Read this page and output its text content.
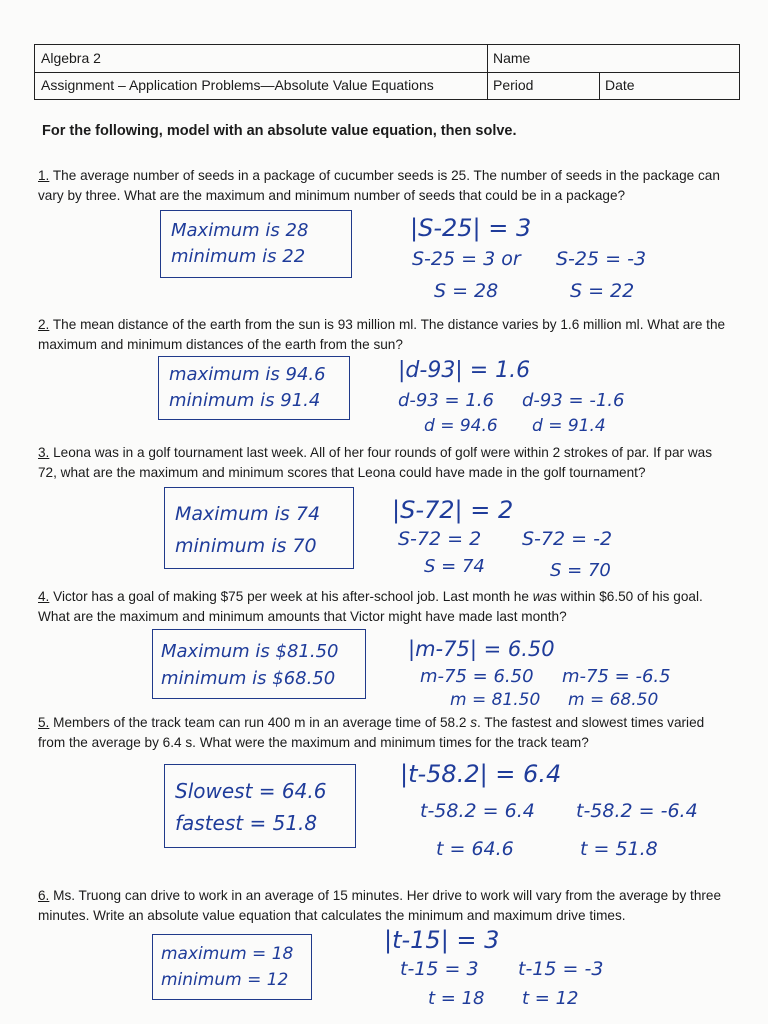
Algebra 2	Name
Assignment – Application Problems—Absolute Value Equations	Period	Date
For the following, model with an absolute value equation, then solve.
1. The average number of seeds in a package of cucumber seeds is 25. The number of seeds in the package can vary by three. What are the maximum and minimum number of seeds that could be in a package?
Maximum is 28
minimum is 22
|S-25| = 3
S-25 = 3 or S-25 = -3
S = 28	S = 22
2. The mean distance of the earth from the sun is 93 million ml. The distance varies by 1.6 million ml. What are the maximum and minimum distances of the earth from the sun?
maximum is 94.6
minimum is 91.4
|d-93| = 1.6
d-93 = 1.6 d-93 = -1.6
d = 94.6 d = 91.4
3. Leona was in a golf tournament last week. All of her four rounds of golf were within 2 strokes of par. If par was 72, what are the maximum and minimum scores that Leona could have made in the golf tournament?
Maximum is 74
minimum is 70
|S-72| = 2
S-72 = 2 S-72 = -2
S = 74	S = 70
4. Victor has a goal of making $75 per week at his after-school job. Last month he was within $6.50 of his goal. What are the maximum and minimum amounts that Victor might have made last month?
Maximum is $81.50
minimum is $68.50
|m-75| = 6.50
m-75 = 6.50 m-75 = -6.5
m = 81.50 m = 68.50
5. Members of the track team can run 400 m in an average time of 58.2 s. The fastest and slowest times varied from the average by 6.4 s. What were the maximum and minimum times for the track team?
Slowest = 64.6
fastest = 51.8
|t-58.2| = 6.4
t-58.2 = 6.4 t-58.2 = -6.4
t = 64.6	t = 51.8
6. Ms. Truong can drive to work in an average of 15 minutes. Her drive to work will vary from the average by three minutes. Write an absolute value equation that calculates the minimum and maximum drive times.
maximum = 18
minimum = 12
|t-15| = 3
t-15 = 3 t-15 = -3
t = 18 t = 12
